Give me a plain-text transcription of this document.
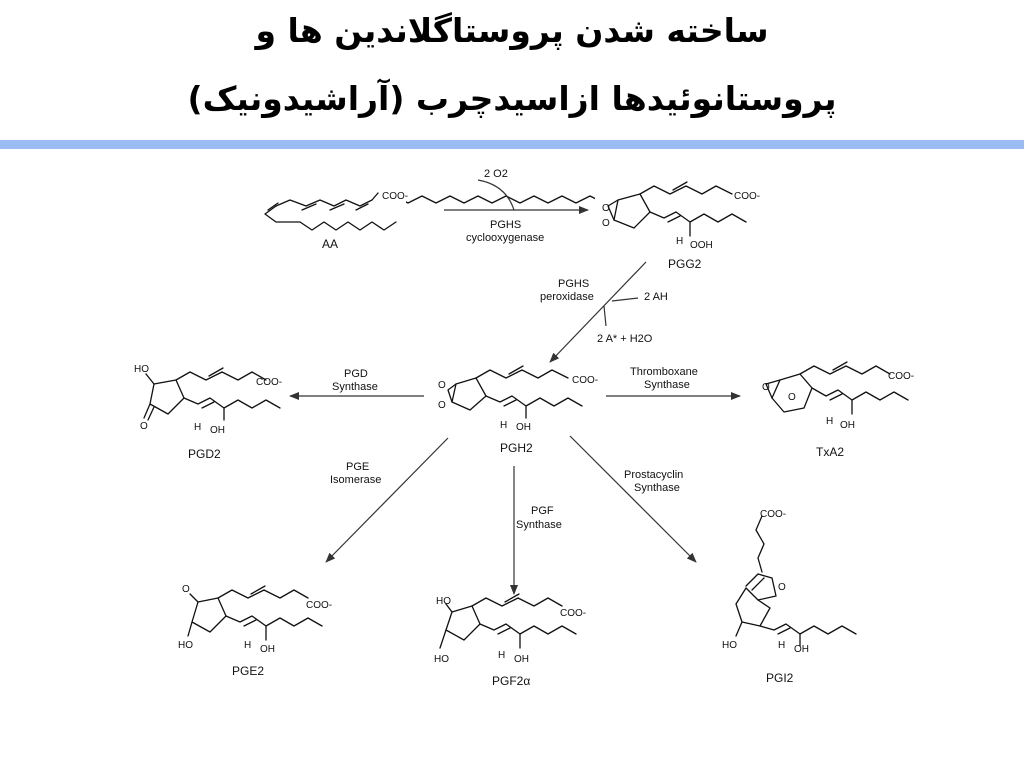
ساخته شدن پروستاگلاندین ها و
پروستانوئیدها ازاسیدچرب (آراشیدونیک)
COO-
AA
2 O2
PGHS
cyclooxygenase
O
O
COO-
H OOH
PGG2
PGHS
peroxidase	2 AH
2 A* + H2O
O
O
COO-
H OH
PGH2
PGD
Synthase
Thromboxane
Synthase
HO
O
COO-
H OH
PGD2
O
O
COO-
H OH
TxA2
PGE
Isomerase
PGF
Synthase
Prostacyclin
Synthase
O
HO
COO-
H OH
PGE2
HO
HO
COO-
H OH
PGF2α
COO-
O
HO	H OH
PGI2
